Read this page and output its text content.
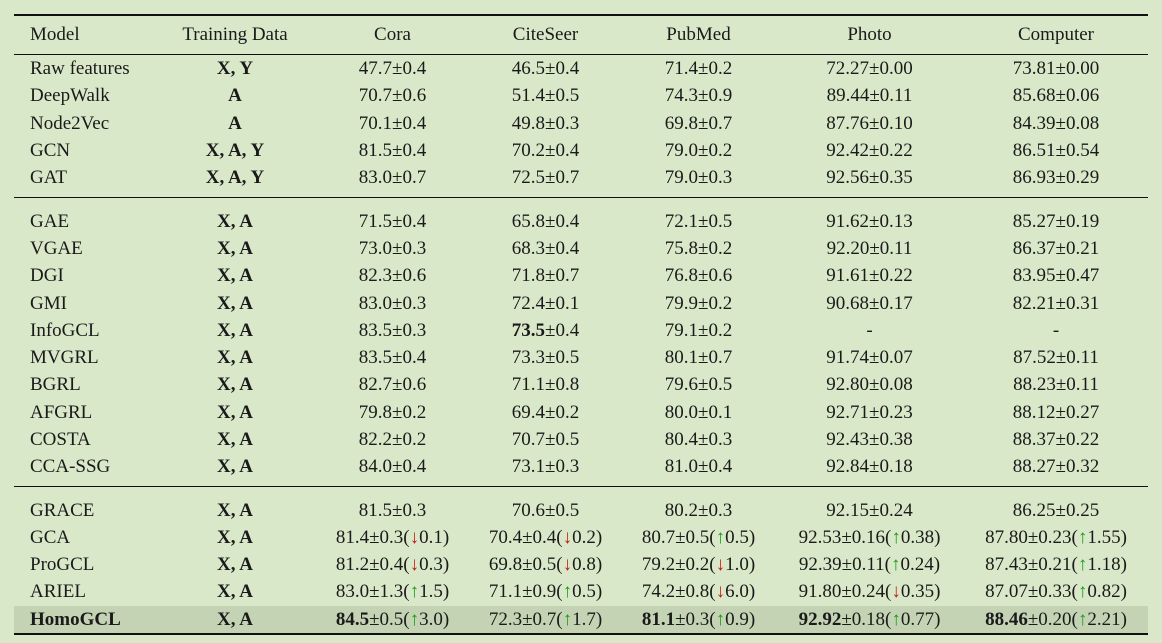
Model	Training Data	Cora	CiteSeer	PubMed	Photo	Computer
Raw features	X, Y	47.7±0.4	46.5±0.4	71.4±0.2	72.27±0.00	73.81±0.00
DeepWalk	A	70.7±0.6	51.4±0.5	74.3±0.9	89.44±0.11	85.68±0.06
Node2Vec	A	70.1±0.4	49.8±0.3	69.8±0.7	87.76±0.10	84.39±0.08
GCN	X, A, Y	81.5±0.4	70.2±0.4	79.0±0.2	92.42±0.22	86.51±0.54
GAT	X, A, Y	83.0±0.7	72.5±0.7	79.0±0.3	92.56±0.35	86.93±0.29
GAE	X, A	71.5±0.4	65.8±0.4	72.1±0.5	91.62±0.13	85.27±0.19
VGAE	X, A	73.0±0.3	68.3±0.4	75.8±0.2	92.20±0.11	86.37±0.21
DGI	X, A	82.3±0.6	71.8±0.7	76.8±0.6	91.61±0.22	83.95±0.47
GMI	X, A	83.0±0.3	72.4±0.1	79.9±0.2	90.68±0.17	82.21±0.31
InfoGCL	X, A	83.5±0.3	73.5±0.4	79.1±0.2	-	-
MVGRL	X, A	83.5±0.4	73.3±0.5	80.1±0.7	91.74±0.07	87.52±0.11
BGRL	X, A	82.7±0.6	71.1±0.8	79.6±0.5	92.80±0.08	88.23±0.11
AFGRL	X, A	79.8±0.2	69.4±0.2	80.0±0.1	92.71±0.23	88.12±0.27
COSTA	X, A	82.2±0.2	70.7±0.5	80.4±0.3	92.43±0.38	88.37±0.22
CCA-SSG	X, A	84.0±0.4	73.1±0.3	81.0±0.4	92.84±0.18	88.27±0.32
GRACE	X, A	81.5±0.3	70.6±0.5	80.2±0.3	92.15±0.24	86.25±0.25
GCA	X, A	81.4±0.3(↓0.1)	70.4±0.4(↓0.2)	80.7±0.5(↑0.5)	92.53±0.16(↑0.38)	87.80±0.23(↑1.55)
ProGCL	X, A	81.2±0.4(↓0.3)	69.8±0.5(↓0.8)	79.2±0.2(↓1.0)	92.39±0.11(↑0.24)	87.43±0.21(↑1.18)
ARIEL	X, A	83.0±1.3(↑1.5)	71.1±0.9(↑0.5)	74.2±0.8(↓6.0)	91.80±0.24(↓0.35)	87.07±0.33(↑0.82)
HomoGCL	X, A	84.5±0.5(↑3.0)	72.3±0.7(↑1.7)	81.1±0.3(↑0.9)	92.92±0.18(↑0.77)	88.46±0.20(↑2.21)
